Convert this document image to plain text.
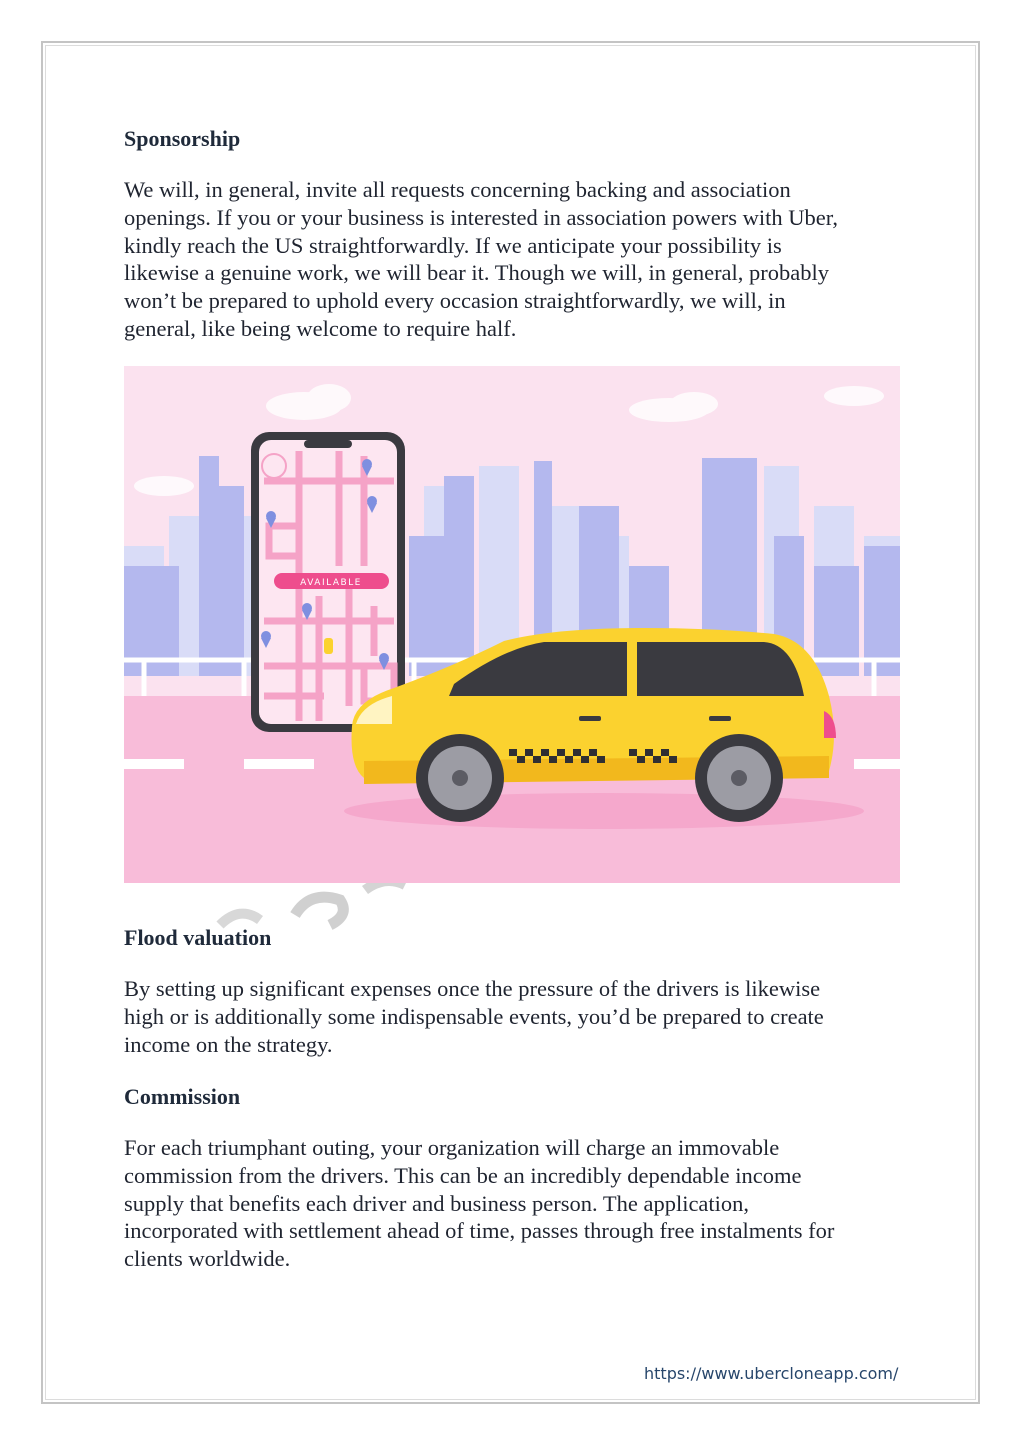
Sponsorship
We will, in general, invite all requests concerning backing and association
openings. If you or your business is interested in association powers with Uber,
kindly reach the US straightforwardly. If we anticipate your possibility is
likewise a genuine work, we will bear it. Though we will, in general, probably
won’t be prepared to uphold every occasion straightforwardly, we will, in
general, like being welcome to require half.
Flood valuation
By setting up significant expenses once the pressure of the drivers is likewise
high or is additionally some indispensable events, you’d be prepared to create
income on the strategy.
Commission
For each triumphant outing, your organization will charge an immovable
commission from the drivers. This can be an incredibly dependable income
supply that benefits each driver and business person. The application,
incorporated with settlement ahead of time, passes through free instalments for
clients worldwide.
AVAILABLE
https://www.ubercloneapp.com/
